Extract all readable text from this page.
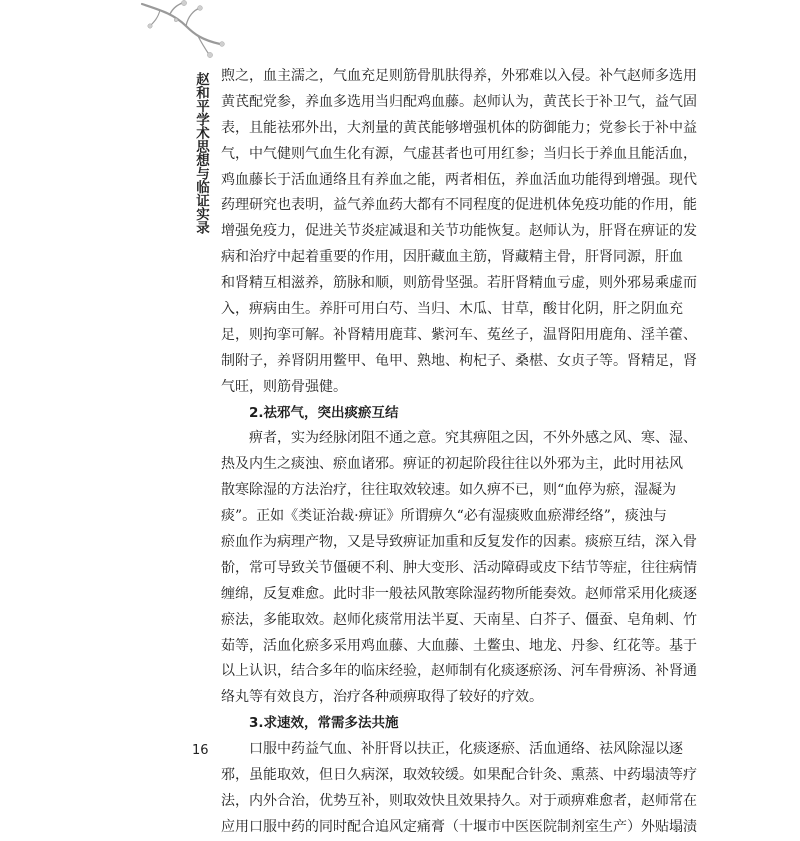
赵和平学术思想与临证实录 煦之，血主濡之，气血充足则筋骨肌肤得养，外邪难以入侵。补气赵师多选用
黄芪配党参，养血多选用当归配鸡血藤。赵师认为，黄芪长于补卫气，益气固
表，且能祛邪外出，大剂量的黄芪能够增强机体的防御能力；党参长于补中益
气，中气健则气血生化有源，气虚甚者也可用红参；当归长于养血且能活血，
鸡血藤长于活血通络且有养血之能，两者相伍，养血活血功能得到增强。现代
药理研究也表明，益气养血药大都有不同程度的促进机体免疫功能的作用，能
增强免疫力，促进关节炎症减退和关节功能恢复。赵师认为，肝肾在痹证的发
病和治疗中起着重要的作用，因肝藏血主筋，肾藏精主骨，肝肾同源，肝血
和肾精互相滋养，筋脉和顺，则筋骨坚强。若肝肾精血亏虚，则外邪易乘虚而
入，痹病由生。养肝可用白芍、当归、木瓜、甘草，酸甘化阴，肝之阴血充
足，则拘挛可解。补肾精用鹿茸、紫河车、菟丝子，温肾阳用鹿角、淫羊藿、
制附子，养肾阴用鳖甲、龟甲、熟地、枸杞子、桑椹、女贞子等。肾精足，肾
气旺，则筋骨强健。
2.祛邪气，突出痰瘀互结
痹者，实为经脉闭阻不通之意。究其痹阻之因，不外外感之风、寒、湿、
热及内生之痰浊、瘀血诸邪。痹证的初起阶段往往以外邪为主，此时用祛风
散寒除湿的方法治疗，往往取效较速。如久痹不已，则“血停为瘀，湿凝为
痰”。正如《类证治裁·痹证》所谓痹久“必有湿痰败血瘀滞经络”，痰浊与
瘀血作为病理产物，又是导致痹证加重和反复发作的因素。痰瘀互结，深入骨
骱，常可导致关节僵硬不利、肿大变形、活动障碍或皮下结节等症，往往病情
缠绵，反复难愈。此时非一般祛风散寒除湿药物所能奏效。赵师常采用化痰逐
瘀法，多能取效。赵师化痰常用法半夏、天南星、白芥子、僵蚕、皂角刺、竹
茹等，活血化瘀多采用鸡血藤、大血藤、土鳖虫、地龙、丹参、红花等。基于
以上认识，结合多年的临床经验，赵师制有化痰逐瘀汤、河车骨痹汤、补肾通
络丸等有效良方，治疗各种顽痹取得了较好的疗效。
3.求速效，常需多法共施
口服中药益气血、补肝肾以扶正，化痰逐瘀、活血通络、祛风除湿以逐
邪，虽能取效，但日久病深，取效较缓。如果配合针灸、熏蒸、中药塌渍等疗
法，内外合治，优势互补，则取效快且效果持久。对于顽痹难愈者，赵师常在
应用口服中药的同时配合追风定痛膏（十堰市中医医院制剂室生产）外贴塌渍
16
